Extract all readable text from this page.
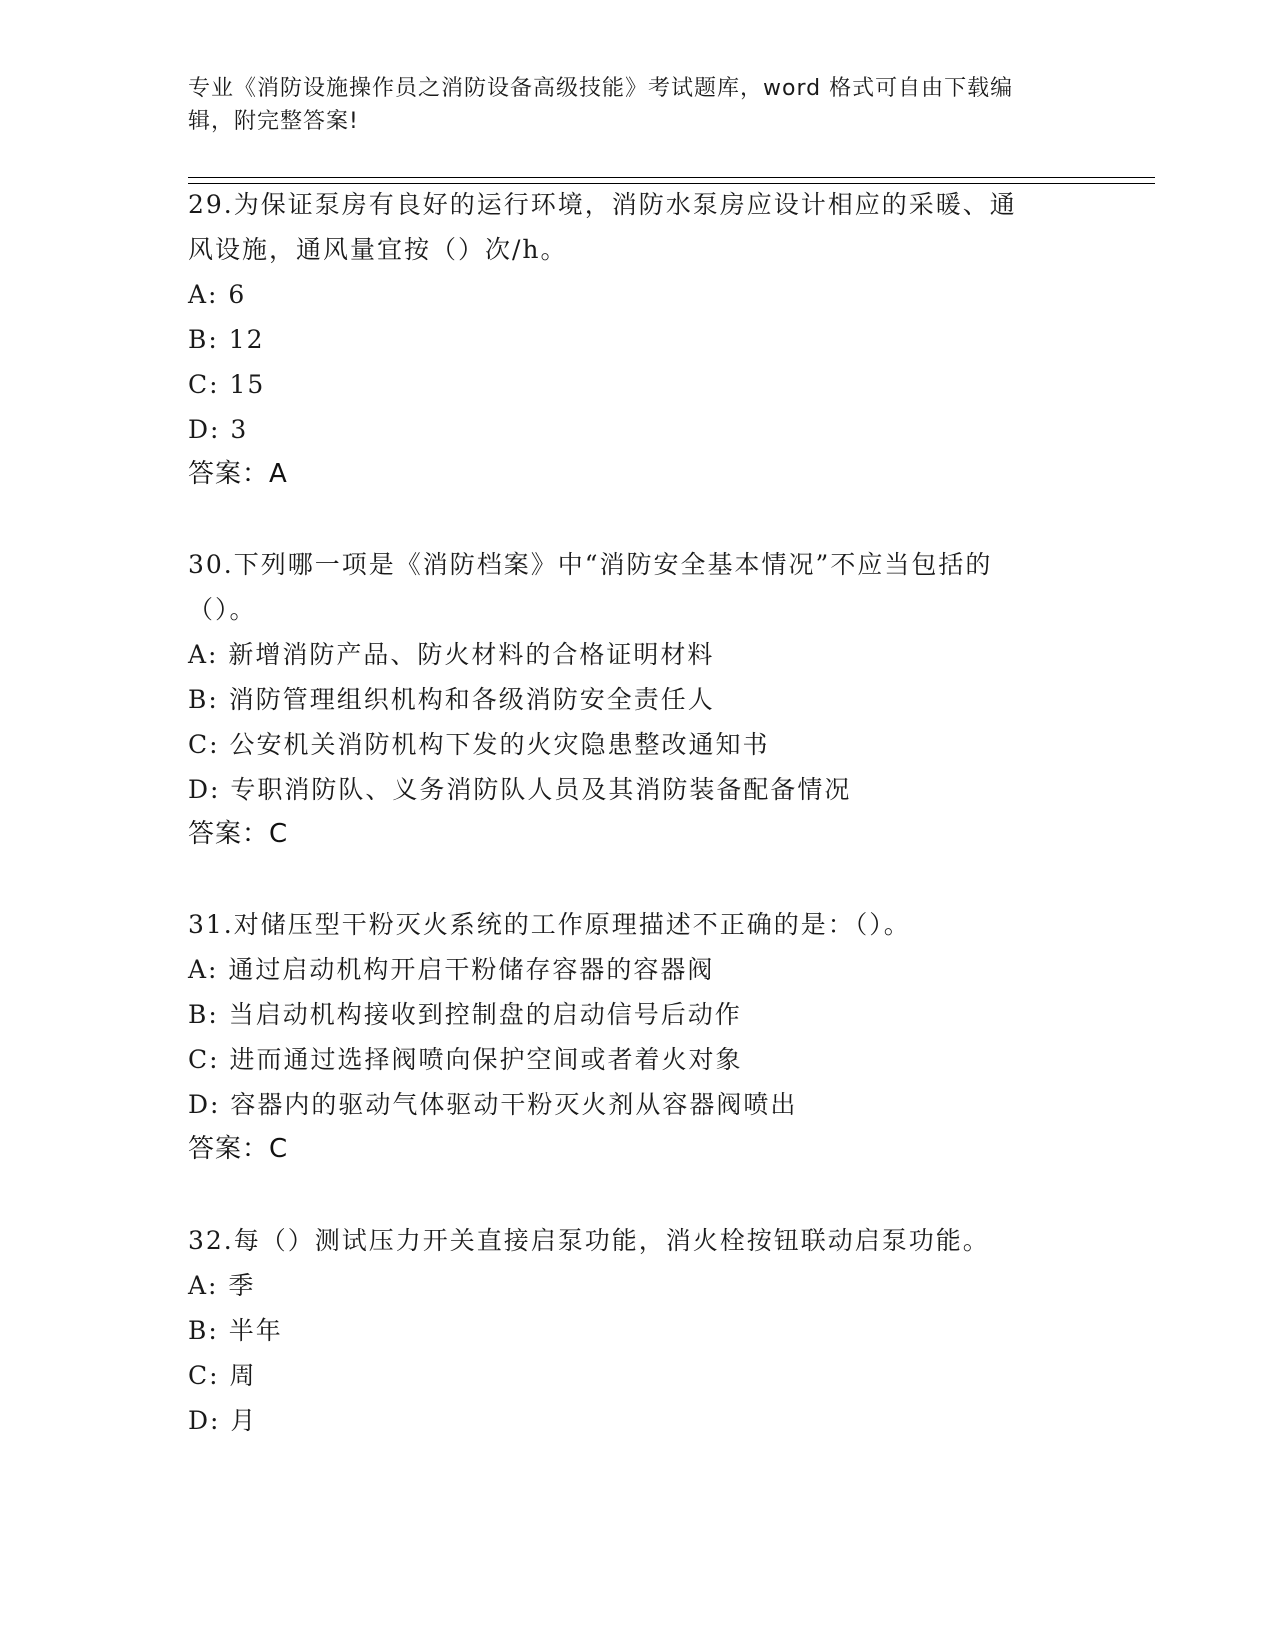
专业《消防设施操作员之消防设备高级技能》考试题库，word 格式可自由下载编
辑，附完整答案!

29.为保证泵房有良好的运行环境，消防水泵房应设计相应的采暖、通

风设施，通风量宜按（）次/h。

A: 6

B: 12

C: 15

D: 3

答案：A

30.下列哪一项是《消防档案》中“消防安全基本情况”不应当包括的

（）。

A: 新增消防产品、防火材料的合格证明材料

B: 消防管理组织机构和各级消防安全责任人

C: 公安机关消防机构下发的火灾隐患整改通知书

D: 专职消防队、义务消防队人员及其消防装备配备情况

答案：C

31.对储压型干粉灭火系统的工作原理描述不正确的是：（）。

A: 通过启动机构开启干粉储存容器的容器阀

B: 当启动机构接收到控制盘的启动信号后动作

C: 进而通过选择阀喷向保护空间或者着火对象

D: 容器内的驱动气体驱动干粉灭火剂从容器阀喷出

答案：C

32.每（）测试压力开关直接启泵功能，消火栓按钮联动启泵功能。

A: 季

B: 半年

C: 周

D: 月
